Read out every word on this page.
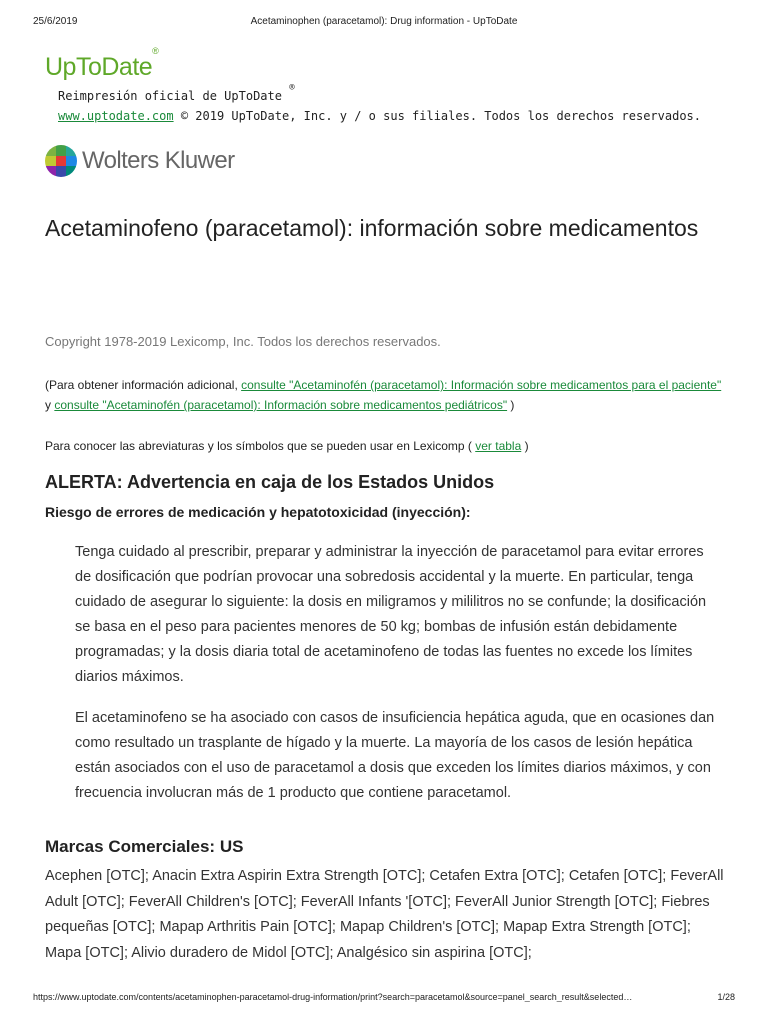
25/6/2019	Acetaminophen (paracetamol): Drug information - UpToDate
UpToDate®
Reimpresión oficial de UpToDate ®
www.uptodate.com © 2019 UpToDate, Inc. y / o sus filiales. Todos los derechos reservados.
Wolters Kluwer
Acetaminofeno (paracetamol): información sobre medicamentos
Copyright 1978-2019 Lexicomp, Inc. Todos los derechos reservados.
(Para obtener información adicional, consulte "Acetaminofén (paracetamol): Información sobre medicamentos para el paciente" y consulte "Acetaminofén (paracetamol): Información sobre medicamentos pediátricos" )
Para conocer las abreviaturas y los símbolos que se pueden usar en Lexicomp ( ver tabla )
ALERTA: Advertencia en caja de los Estados Unidos
Riesgo de errores de medicación y hepatotoxicidad (inyección):

Tenga cuidado al prescribir, preparar y administrar la inyección de paracetamol para evitar errores de dosificación que podrían provocar una sobredosis accidental y la muerte. En particular, tenga cuidado de asegurar lo siguiente: la dosis en miligramos y mililitros no se confunde; la dosificación se basa en el peso para pacientes menores de 50 kg; bombas de infusión están debidamente programadas; y la dosis diaria total de acetaminofeno de todas las fuentes no excede los límites diarios máximos.

El acetaminofeno se ha asociado con casos de insuficiencia hepática aguda, que en ocasiones dan como resultado un trasplante de hígado y la muerte. La mayoría de los casos de lesión hepática están asociados con el uso de paracetamol a dosis que exceden los límites diarios máximos, y con frecuencia involucran más de 1 producto que contiene paracetamol.

Marcas Comerciales: US

Acephen [OTC]; Anacin Extra Aspirin Extra Strength [OTC]; Cetafen Extra [OTC]; Cetafen [OTC]; FeverAll Adult [OTC]; FeverAll Children's [OTC]; FeverAll Infants '[OTC]; FeverAll Junior Strength [OTC]; Fiebres pequeñas [OTC]; Mapap Arthritis Pain [OTC]; Mapap Children's [OTC]; Mapap Extra Strength [OTC]; Mapa [OTC]; Alivio duradero de Midol [OTC]; Analgésico sin aspirina [OTC];

https://www.uptodate.com/contents/acetaminophen-paracetamol-drug-information/print?search=paracetamol&source=panel_search_result&selected…	1/28
